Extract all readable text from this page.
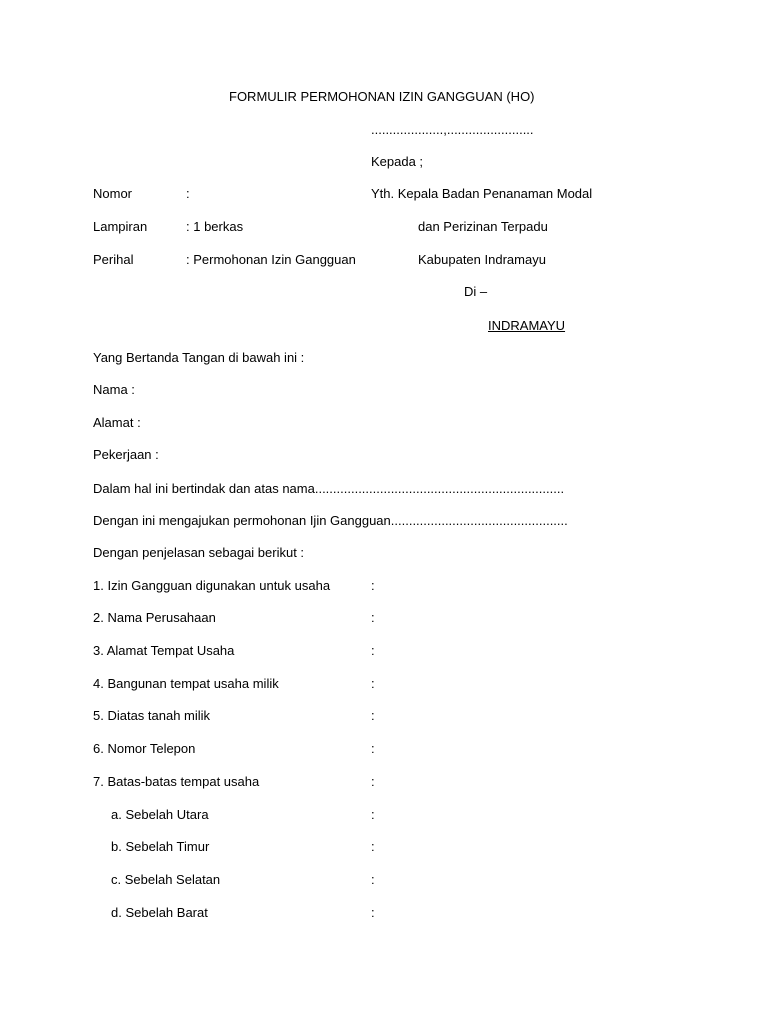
FORMULIR PERMOHONAN IZIN GANGGUAN (HO)
....................,........................
Kepada ;
Nomor	:	Yth. Kepala Badan Penanaman Modal
Lampiran	: 1 berkas	dan Perizinan Terpadu
Perihal	: Permohonan Izin Gangguan	Kabupaten Indramayu
Di –
INDRAMAYU
Yang Bertanda Tangan di bawah ini :
Nama :
Alamat :
Pekerjaan :
Dalam hal ini bertindak dan atas nama.....................................................................
Dengan ini mengajukan permohonan Ijin Gangguan.................................................
Dengan penjelasan sebagai berikut :
1. Izin Gangguan digunakan untuk usaha	:
2. Nama Perusahaan	:
3. Alamat Tempat Usaha	:
4. Bangunan tempat usaha milik	:
5. Diatas tanah milik	:
6. Nomor Telepon	:
7. Batas-batas tempat usaha	:
a. Sebelah Utara	:
b. Sebelah Timur	:
c. Sebelah Selatan	:
d. Sebelah Barat	:
